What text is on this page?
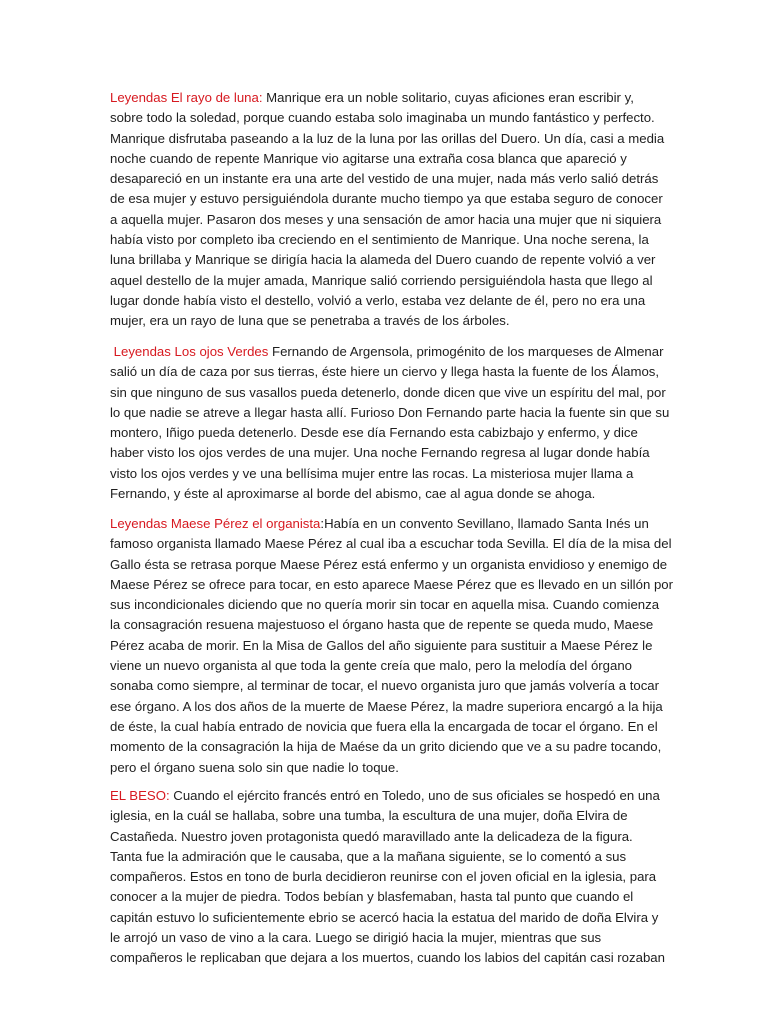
Leyendas El rayo de luna: Manrique era un noble solitario, cuyas aficiones eran escribir y,
sobre todo la soledad, porque cuando estaba solo imaginaba un mundo fantástico y perfecto.
Manrique disfrutaba paseando a la luz de la luna por las orillas del Duero. Un día, casi a media
noche cuando de repente Manrique vio agitarse una extraña cosa blanca que apareció y
desapareció en un instante era una arte del vestido de una mujer, nada más verlo salió detrás
de esa mujer y estuvo persiguiéndola durante mucho tiempo ya que estaba seguro de conocer
a aquella mujer. Pasaron dos meses y una sensación de amor hacia una mujer que ni siquiera
había visto por completo iba creciendo en el sentimiento de Manrique. Una noche serena, la
luna brillaba y Manrique se dirigía hacia la alameda del Duero cuando de repente volvió a ver
aquel destello de la mujer amada, Manrique salió corriendo persiguiéndola hasta que llego al
lugar donde había visto el destello, volvió a verlo, estaba vez delante de él, pero no era una
mujer, era un rayo de luna que se penetraba a través de los árboles.

Leyendas Los ojos Verdes Fernando de Argensola, primogénito de los marqueses de Almenar
salió un día de caza por sus tierras, éste hiere un ciervo y llega hasta la fuente de los Álamos,
sin que ninguno de sus vasallos pueda detenerlo, donde dicen que vive un espíritu del mal, por
lo que nadie se atreve a llegar hasta allí. Furioso Don Fernando parte hacia la fuente sin que su
montero, Iñigo pueda detenerlo. Desde ese día Fernando esta cabizbajo y enfermo, y dice
haber visto los ojos verdes de una mujer. Una noche Fernando regresa al lugar donde había
visto los ojos verdes y ve una bellísima mujer entre las rocas. La misteriosa mujer llama a
Fernando, y éste al aproximarse al borde del abismo, cae al agua donde se ahoga.

Leyendas Maese Pérez el organista:Había en un convento Sevillano, llamado Santa Inés un
famoso organista llamado Maese Pérez al cual iba a escuchar toda Sevilla. El día de la misa del
Gallo ésta se retrasa porque Maese Pérez está enfermo y un organista envidioso y enemigo de
Maese Pérez se ofrece para tocar, en esto aparece Maese Pérez que es llevado en un sillón por
sus incondicionales diciendo que no quería morir sin tocar en aquella misa. Cuando comienza
la consagración resuena majestuoso el órgano hasta que de repente se queda mudo, Maese
Pérez acaba de morir. En la Misa de Gallos del año siguiente para sustituir a Maese Pérez le
viene un nuevo organista al que toda la gente creía que malo, pero la melodía del órgano
sonaba como siempre, al terminar de tocar, el nuevo organista juro que jamás volvería a tocar
ese órgano. A los dos años de la muerte de Maese Pérez, la madre superiora encargó a la hija
de éste, la cual había entrado de novicia que fuera ella la encargada de tocar el órgano. En el
momento de la consagración la hija de Maése da un grito diciendo que ve a su padre tocando,
pero el órgano suena solo sin que nadie lo toque.

EL BESO: Cuando el ejército francés entró en Toledo, uno de sus oficiales se hospedó en una
iglesia, en la cuál se hallaba, sobre una tumba, la escultura de una mujer, doña Elvira de
Castañeda. Nuestro joven protagonista quedó maravillado ante la delicadeza de la figura.
Tanta fue la admiración que le causaba, que a la mañana siguiente, se lo comentó a sus
compañeros. Estos en tono de burla decidieron reunirse con el joven oficial en la iglesia, para
conocer a la mujer de piedra. Todos bebían y blasfemaban, hasta tal punto que cuando el
capitán estuvo lo suficientemente ebrio se acercó hacia la estatua del marido de doña Elvira y
le arrojó un vaso de vino a la cara. Luego se dirigió hacia la mujer, mientras que sus
compañeros le replicaban que dejara a los muertos, cuando los labios del capitán casi rozaban
